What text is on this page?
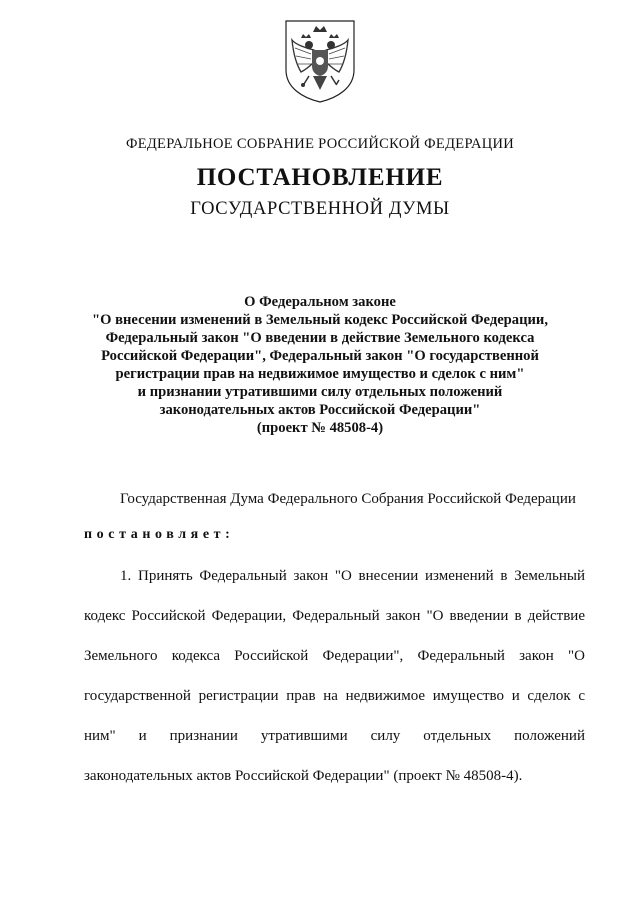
ФЕДЕРАЛЬНОЕ СОБРАНИЕ РОССИЙСКОЙ ФЕДЕРАЦИИ
ПОСТАНОВЛЕНИЕ
ГОСУДАРСТВЕННОЙ ДУМЫ
О Федеральном законе
"О внесении изменений в Земельный кодекс Российской Федерации,
Федеральный закон "О введении в действие Земельного кодекса
Российской Федерации", Федеральный закон "О государственной
регистрации прав на недвижимое имущество и сделок с ним"
и признании утратившими силу отдельных положений
законодательных актов Российской Федерации"
(проект № 48508-4)
Государственная Дума Федерального Собрания Российской Федерации
постановляет:
1. Принять Федеральный закон "О внесении изменений в Земельный
кодекс Российской Федерации, Федеральный закон "О введении в действие
Земельного кодекса Российской Федерации", Федеральный закон "О
государственной регистрации прав на недвижимое имущество и сделок с
ним" и признании утратившими силу отдельных положений
законодательных актов Российской Федерации" (проект № 48508-4).
